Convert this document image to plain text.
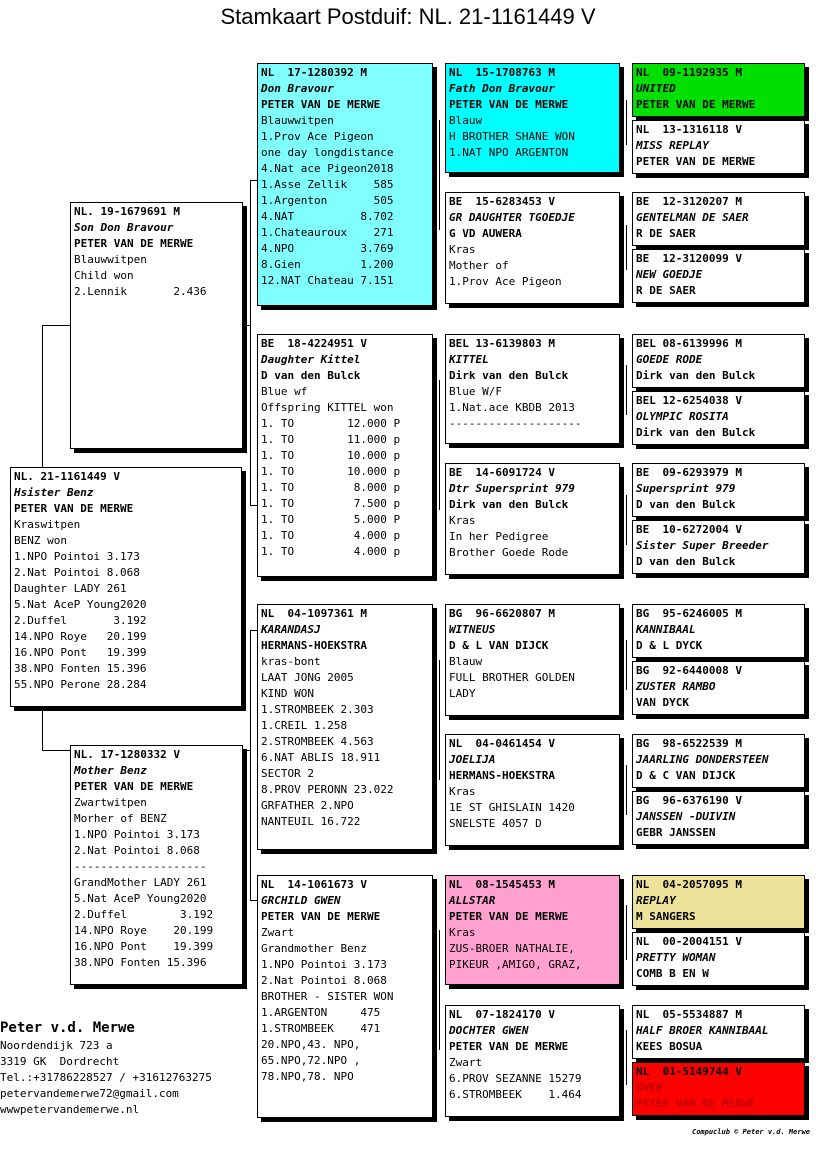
Stamkaart Postduif: NL. 21-1161449 V
NL. 21-1161449 V
Hsister Benz
PETER VAN DE MERWE
Kraswitpen
BENZ won
1.NPO Pointoi 3.173
2.Nat Pointoi 8.068
Daughter LADY 261
5.Nat AceP Young2020
2.Duffel       3.192
14.NPO Roye   20.199
16.NPO Pont   19.399
38.NPO Fonten 15.396
55.NPO Perone 28.284
NL. 19-1679691 M
Son Don Bravour
PETER VAN DE MERWE
Blauwwitpen
Child won
2.Lennik       2.436
NL. 17-1280332 V
Mother Benz
PETER VAN DE MERWE
Zwartwitpen
Morher of BENZ
1.NPO Pointoi 3.173
2.Nat Pointoi 8.068
--------------------
GrandMother LADY 261
5.Nat AceP Young2020
2.Duffel        3.192
14.NPO Roye    20.199
16.NPO Pont    19.399
38.NPO Fonten 15.396
NL  17-1280392 M
Don Bravour
PETER VAN DE MERWE
Blauwwitpen
1.Prov Ace Pigeon
one day longdistance
4.Nat ace Pigeon2018
1.Asse Zellik    585
1.Argenton       505
4.NAT          8.702
1.Chateauroux    271
4.NPO          3.769
8.Gien         1.200
12.NAT Chateau 7.151
BE  18-4224951 V
Daughter Kittel
D van den Bulck
Blue wf
Offspring KITTEL won
1. TO        12.000 P
1. TO        11.000 p
1. TO        10.000 p
1. TO        10.000 p
1. TO         8.000 p
1. TO         7.500 p
1. TO         5.000 P
1. TO         4.000 p
1. TO         4.000 p
NL  04-1097361 M
KARANDASJ
HERMANS-HOEKSTRA
kras-bont
LAAT JONG 2005
KIND WON
1.STROMBEEK 2.303
1.CREIL 1.258
2.STROMBEEK 4.563
6.NAT ABLIS 18.911
SECTOR 2
8.PROV PERONN 23.022
GRFATHER 2.NPO
NANTEUIL 16.722
NL  14-1061673 V
GRCHILD GWEN
PETER VAN DE MERWE
Zwart
Grandmother Benz
1.NPO Pointoi 3.173
2.Nat Pointoi 8.068
BROTHER - SISTER WON
1.ARGENTON     475
1.STROMBEEK    471
20.NPO,43. NPO,
65.NPO,72.NPO ,
78.NPO,78. NPO
NL  15-1708763 M
Fath Don Bravour
PETER VAN DE MERWE
Blauw
H BROTHER SHANE WON
1.NAT NPO ARGENTON
BE  15-6283453 V
GR DAUGHTER TGOEDJE
G VD AUWERA
Kras
Mother of
1.Prov Ace Pigeon
BEL 13-6139803 M
KITTEL
Dirk van den Bulck
Blue W/F
1.Nat.ace KBDB 2013
--------------------
BE  14-6091724 V
Dtr Supersprint 979
Dirk van den Bulck
Kras
In her Pedigree
Brother Goede Rode
BG  96-6620807 M
WITNEUS
D & L VAN DIJCK
Blauw
FULL BROTHER GOLDEN
LADY
NL  04-0461454 V
JOELIJA
HERMANS-HOEKSTRA
Kras
1E ST GHISLAIN 1420
SNELSTE 4057 D
NL  08-1545453 M
ALLSTAR
PETER VAN DE MERWE
Kras
ZUS-BROER NATHALIE,
PIKEUR ,AMIGO, GRAZ,
NL  07-1824170 V
DOCHTER GWEN
PETER VAN DE MERWE
Zwart
6.PROV SEZANNE 15279
6.STROMBEEK    1.464
NL  09-1192935 M
UNITED
PETER VAN DE MERWE
NL  13-1316118 V
MISS REPLAY
PETER VAN DE MERWE
BE  12-3120207 M
GENTELMAN DE SAER
R DE SAER
BE  12-3120099 V
NEW GOEDJE
R DE SAER
BEL 08-6139996 M
GOEDE RODE
Dirk van den Bulck
BEL 12-6254038 V
OLYMPIC ROSITA
Dirk van den Bulck
BE  09-6293979 M
Supersprint 979
D van den Bulck
BE  10-6272004 V
Sister Super Breeder
D van den Bulck
BG  95-6246005 M
KANNIBAAL
D & L DYCK
BG  92-6440008 V
ZUSTER RAMBO
VAN DYCK
BG  98-6522539 M
JAARLING DONDERSTEEN
D & C VAN DIJCK
BG  96-6376190 V
JANSSEN -DUIVIN
GEBR JANSSEN
NL  04-2057095 M
REPLAY
M SANGERS
NL  00-2004151 V
PRETTY WOMAN
COMB B EN W
NL  05-5534887 M
HALF BROER KANNIBAAL
KEES BOSUA
NL  01-5149744 V
GWEN
PETER VAN DE MERWE
Peter v.d. Merwe
Noordendijk 723 a
3319 GK  Dordrecht
Tel.:+31786228527 / +31612763275
petervandemerwe72@gmail.com
wwwpetervandemerwe.nl
Compuclub © Peter v.d. Merwe
